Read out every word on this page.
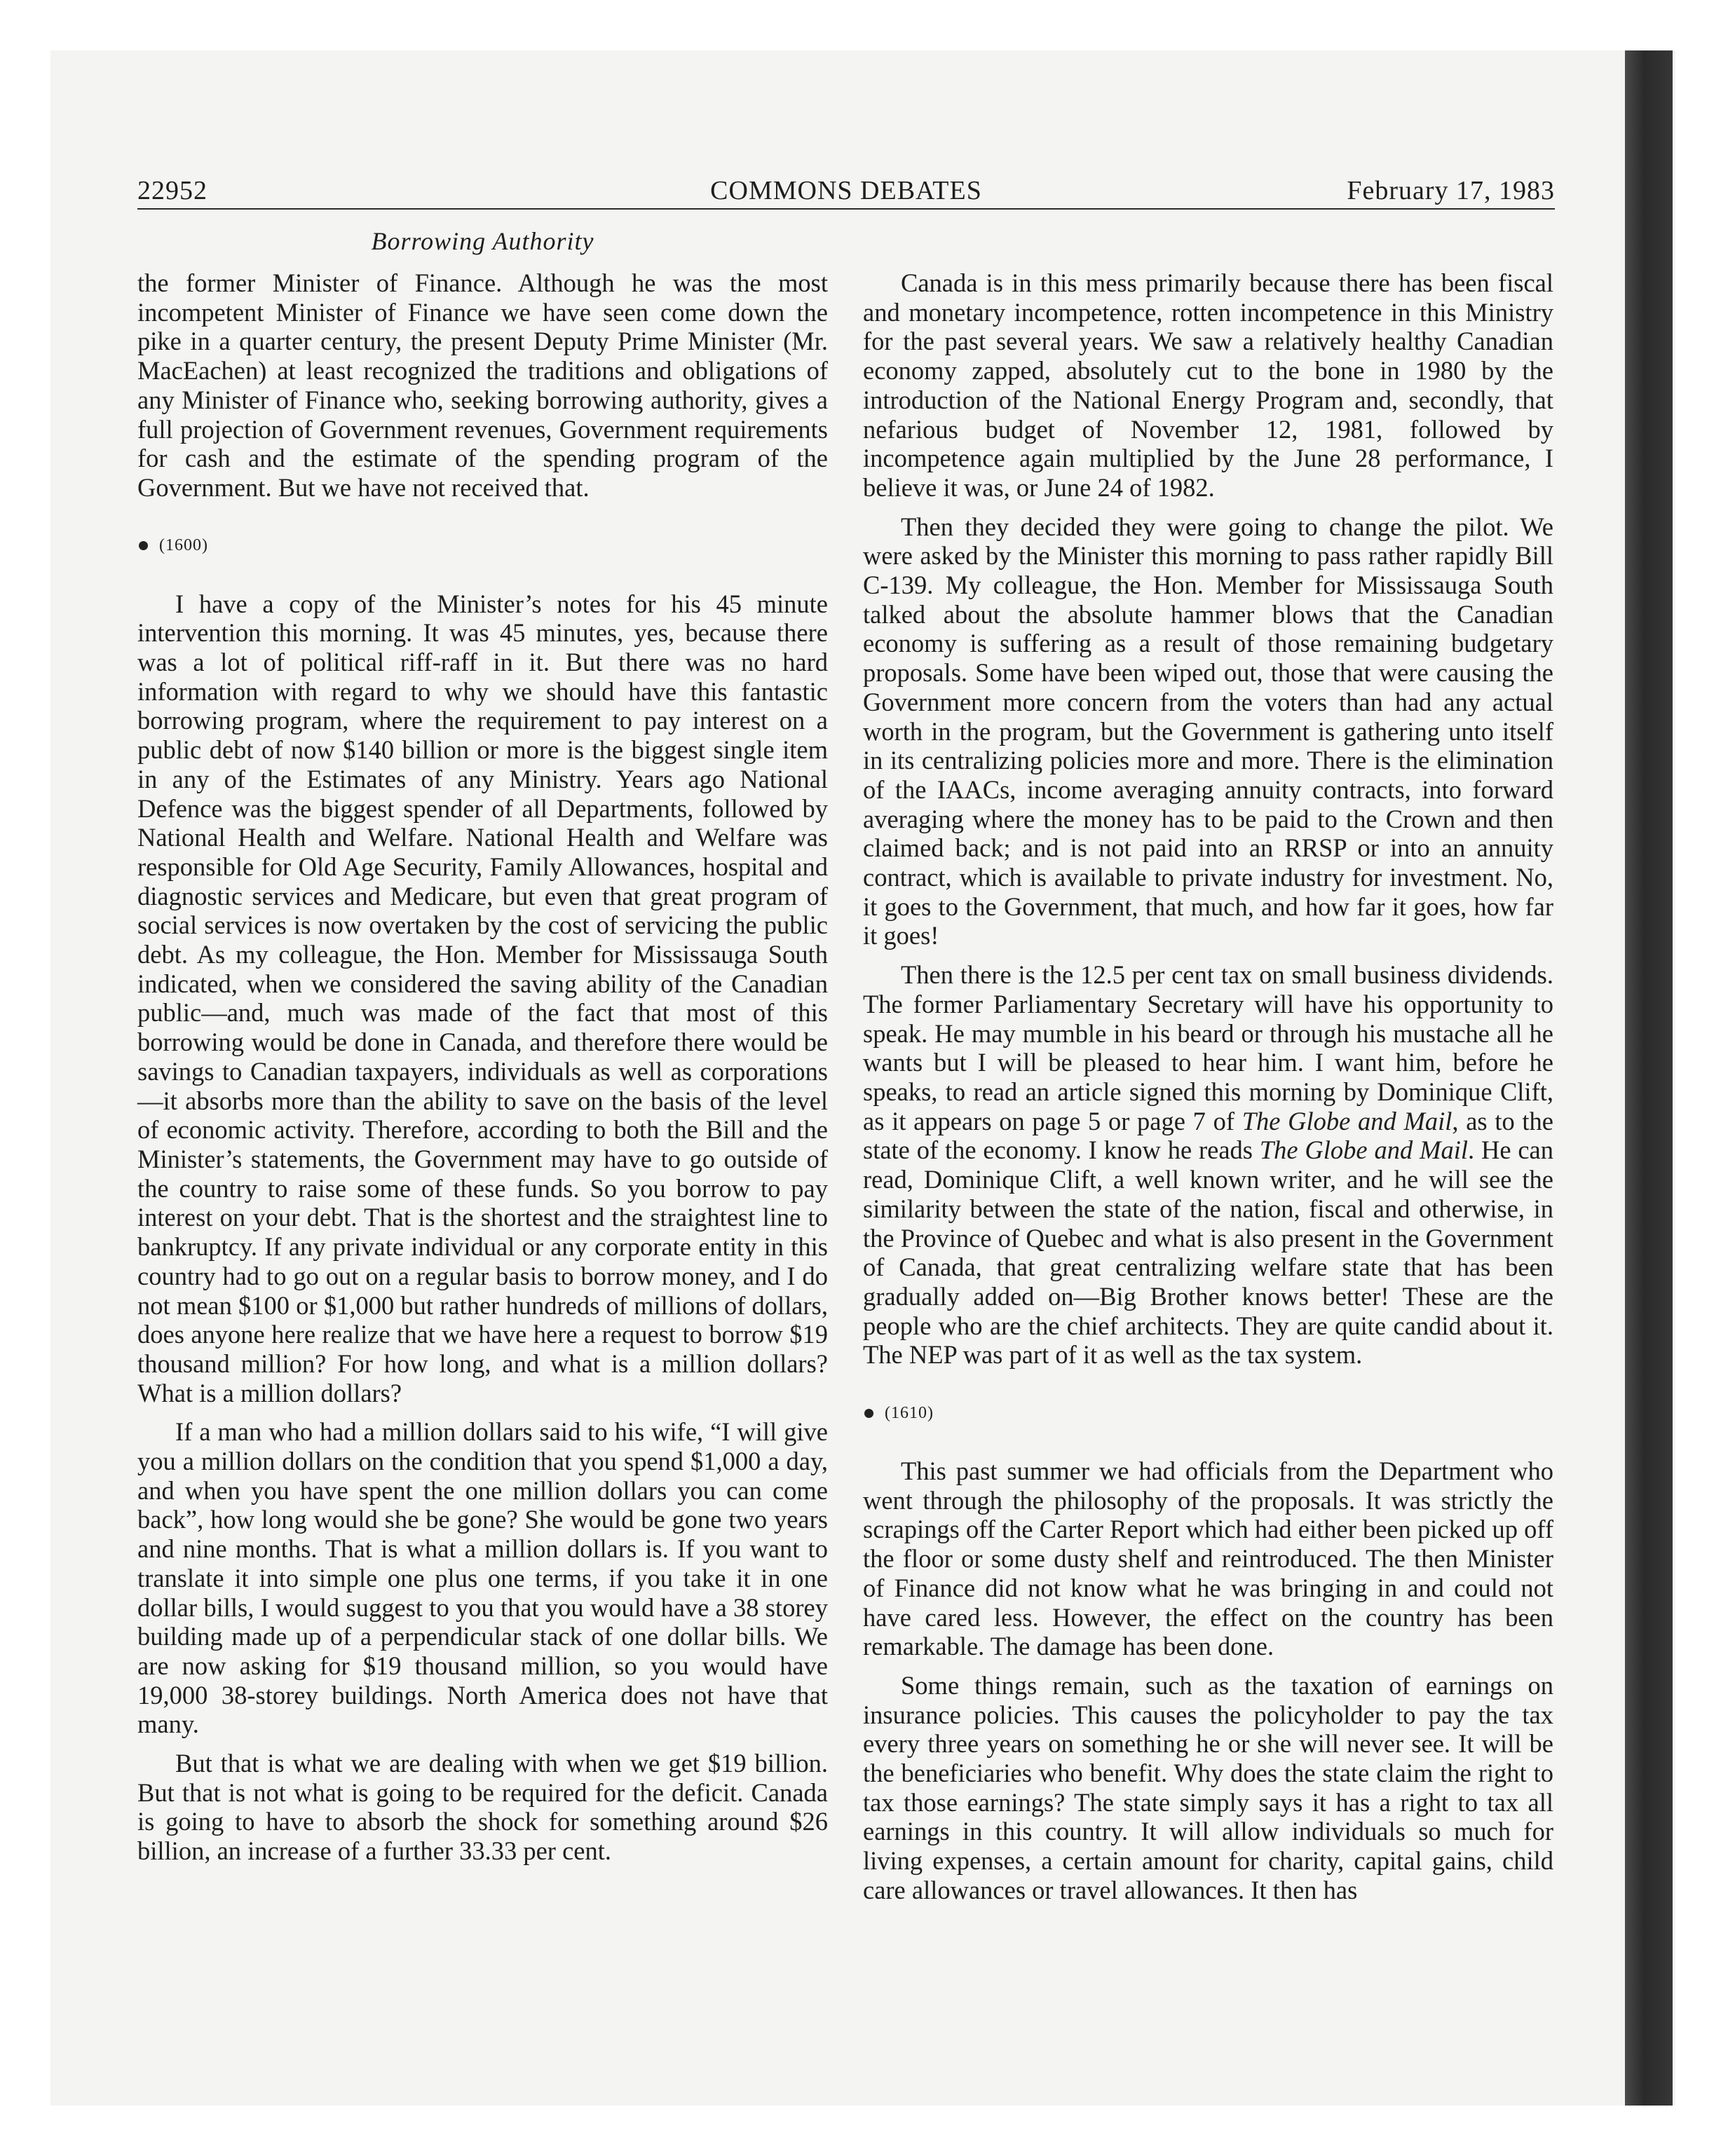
22952	COMMONS DEBATES	February 17, 1983
Borrowing Authority

the former Minister of Finance. Although he was the most incompetent Minister of Finance we have seen come down the pike in a quarter century, the present Deputy Prime Minister (Mr. MacEachen) at least recognized the traditions and obligations of any Minister of Finance who, seeking borrowing authority, gives a full projection of Government revenues, Government requirements for cash and the estimate of the spending program of the Government. But we have not received that.

(1600)

I have a copy of the Minister’s notes for his 45 minute intervention this morning. It was 45 minutes, yes, because there was a lot of political riff-raff in it. But there was no hard information with regard to why we should have this fantastic borrowing program, where the requirement to pay interest on a public debt of now $140 billion or more is the biggest single item in any of the Estimates of any Ministry. Years ago National Defence was the biggest spender of all Departments, followed by National Health and Welfare. National Health and Welfare was responsible for Old Age Security, Family Allowances, hospital and diagnostic services and Medicare, but even that great program of social services is now overtaken by the cost of servicing the public debt. As my colleague, the Hon. Member for Mississauga South indicated, when we considered the saving ability of the Canadian public—and, much was made of the fact that most of this borrowing would be done in Canada, and therefore there would be savings to Canadian taxpayers, individuals as well as corporations—it absorbs more than the ability to save on the basis of the level of economic activity. Therefore, according to both the Bill and the Minister’s statements, the Government may have to go outside of the country to raise some of these funds. So you borrow to pay interest on your debt. That is the shortest and the straightest line to bankruptcy. If any private individual or any corporate entity in this country had to go out on a regular basis to borrow money, and I do not mean $100 or $1,000 but rather hundreds of millions of dollars, does anyone here realize that we have here a request to borrow $19 thousand million? For how long, and what is a million dollars? What is a million dollars?

If a man who had a million dollars said to his wife, “I will give you a million dollars on the condition that you spend $1,000 a day, and when you have spent the one million dollars you can come back”, how long would she be gone? She would be gone two years and nine months. That is what a million dollars is. If you want to translate it into simple one plus one terms, if you take it in one dollar bills, I would suggest to you that you would have a 38 storey building made up of a perpendicular stack of one dollar bills. We are now asking for $19 thousand million, so you would have 19,000 38-storey buildings. North America does not have that many.

But that is what we are dealing with when we get $19 billion. But that is not what is going to be required for the deficit. Canada is going to have to absorb the shock for something around $26 billion, an increase of a further 33.33 per cent.

Canada is in this mess primarily because there has been fiscal and monetary incompetence, rotten incompetence in this Ministry for the past several years. We saw a relatively healthy Canadian economy zapped, absolutely cut to the bone in 1980 by the introduction of the National Energy Program and, secondly, that nefarious budget of November 12, 1981, followed by incompetence again multiplied by the June 28 performance, I believe it was, or June 24 of 1982.

Then they decided they were going to change the pilot. We were asked by the Minister this morning to pass rather rapidly Bill C-139. My colleague, the Hon. Member for Mississauga South talked about the absolute hammer blows that the Canadian economy is suffering as a result of those remaining budgetary proposals. Some have been wiped out, those that were causing the Government more concern from the voters than had any actual worth in the program, but the Government is gathering unto itself in its centralizing policies more and more. There is the elimination of the IAACs, income averaging annuity contracts, into forward averaging where the money has to be paid to the Crown and then claimed back; and is not paid into an RRSP or into an annuity contract, which is available to private industry for investment. No, it goes to the Government, that much, and how far it goes, how far it goes!

Then there is the 12.5 per cent tax on small business dividends. The former Parliamentary Secretary will have his opportunity to speak. He may mumble in his beard or through his mustache all he wants but I will be pleased to hear him. I want him, before he speaks, to read an article signed this morning by Dominique Clift, as it appears on page 5 or page 7 of The Globe and Mail, as to the state of the economy. I know he reads The Globe and Mail. He can read, Dominique Clift, a well known writer, and he will see the similarity between the state of the nation, fiscal and otherwise, in the Province of Quebec and what is also present in the Government of Canada, that great centralizing welfare state that has been gradually added on—Big Brother knows better! These are the people who are the chief architects. They are quite candid about it. The NEP was part of it as well as the tax system.

(1610)

This past summer we had officials from the Department who went through the philosophy of the proposals. It was strictly the scrapings off the Carter Report which had either been picked up off the floor or some dusty shelf and reintroduced. The then Minister of Finance did not know what he was bringing in and could not have cared less. However, the effect on the country has been remarkable. The damage has been done.

Some things remain, such as the taxation of earnings on insurance policies. This causes the policyholder to pay the tax every three years on something he or she will never see. It will be the beneficiaries who benefit. Why does the state claim the right to tax those earnings? The state simply says it has a right to tax all earnings in this country. It will allow individuals so much for living expenses, a certain amount for charity, capital gains, child care allowances or travel allowances. It then has
